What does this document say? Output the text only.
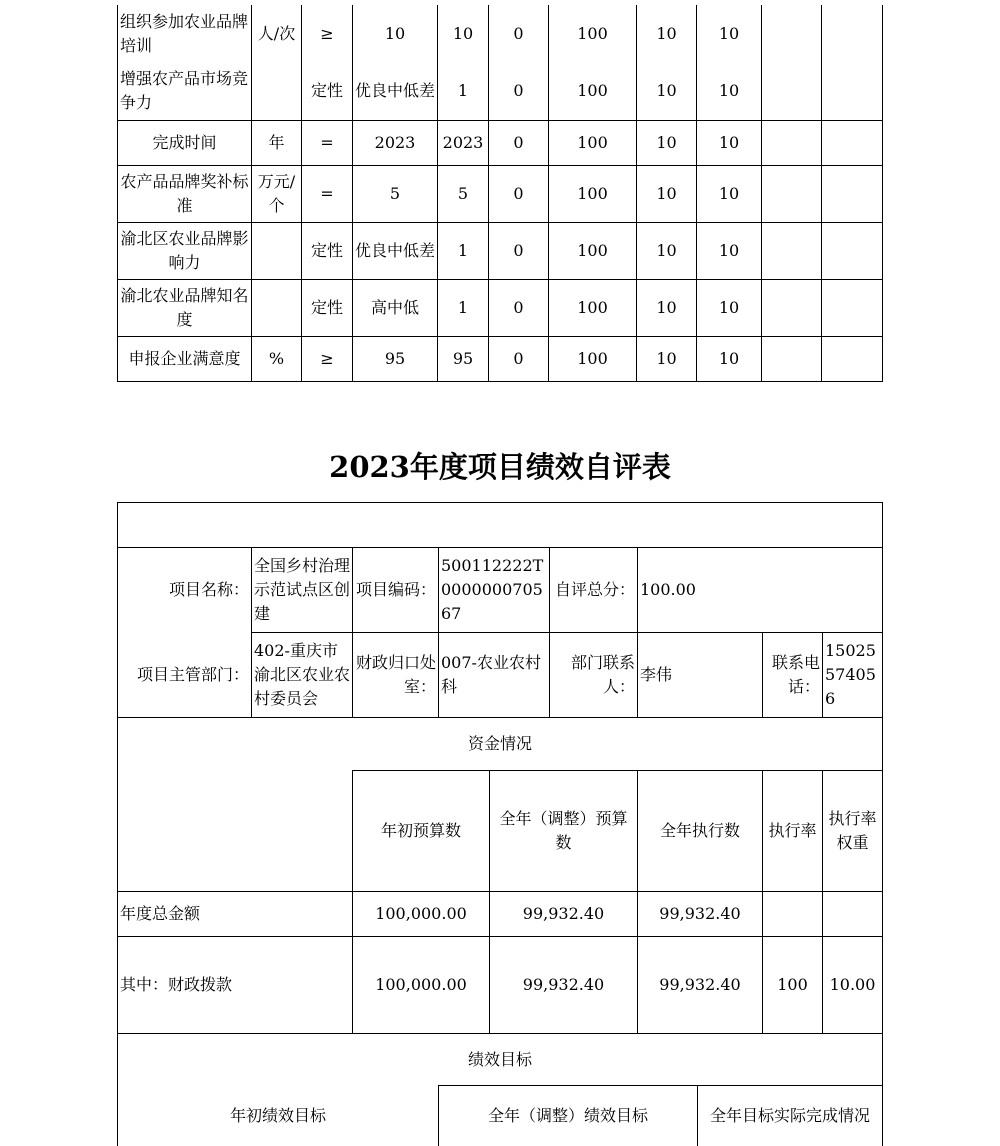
组织参加农业品牌培训	人/次	≥	10	10	0	100	10	10		
增强农产品市场竞争力		定性	优良中低差	1	0	100	10	10		
完成时间	年	=	2023	2023	0	100	10	10		
农产品品牌奖补标准	万元/个	=	5	5	0	100	10	10		
渝北区农业品牌影响力		定性	优良中低差	1	0	100	10	10		
渝北农业品牌知名度		定性	高中低	1	0	100	10	10		
申报企业满意度	%	≥	95	95	0	100	10	10		
2023年度项目绩效自评表

项目名称：	全国乡村治理示范试点区创建	项目编码：	500112222T000000070567		自评总分：	100.00				
项目主管部门：	402-重庆市渝北区农业农村委员会	财政归口处室：	007-农业农村科		部门联系人：	李伟		联系电话：	15025574056	
资金情况										
		年初预算数		全年（调整）预算数		全年执行数		执行率	执行率权重	
年度总金额		100,000.00		99,932.40		99,932.40				
其中：财政拨款		100,000.00		99,932.40		99,932.40		100	10.00	
绩效目标										
年初绩效目标			全年（调整）绩效目标				全年目标实际完成情况			
